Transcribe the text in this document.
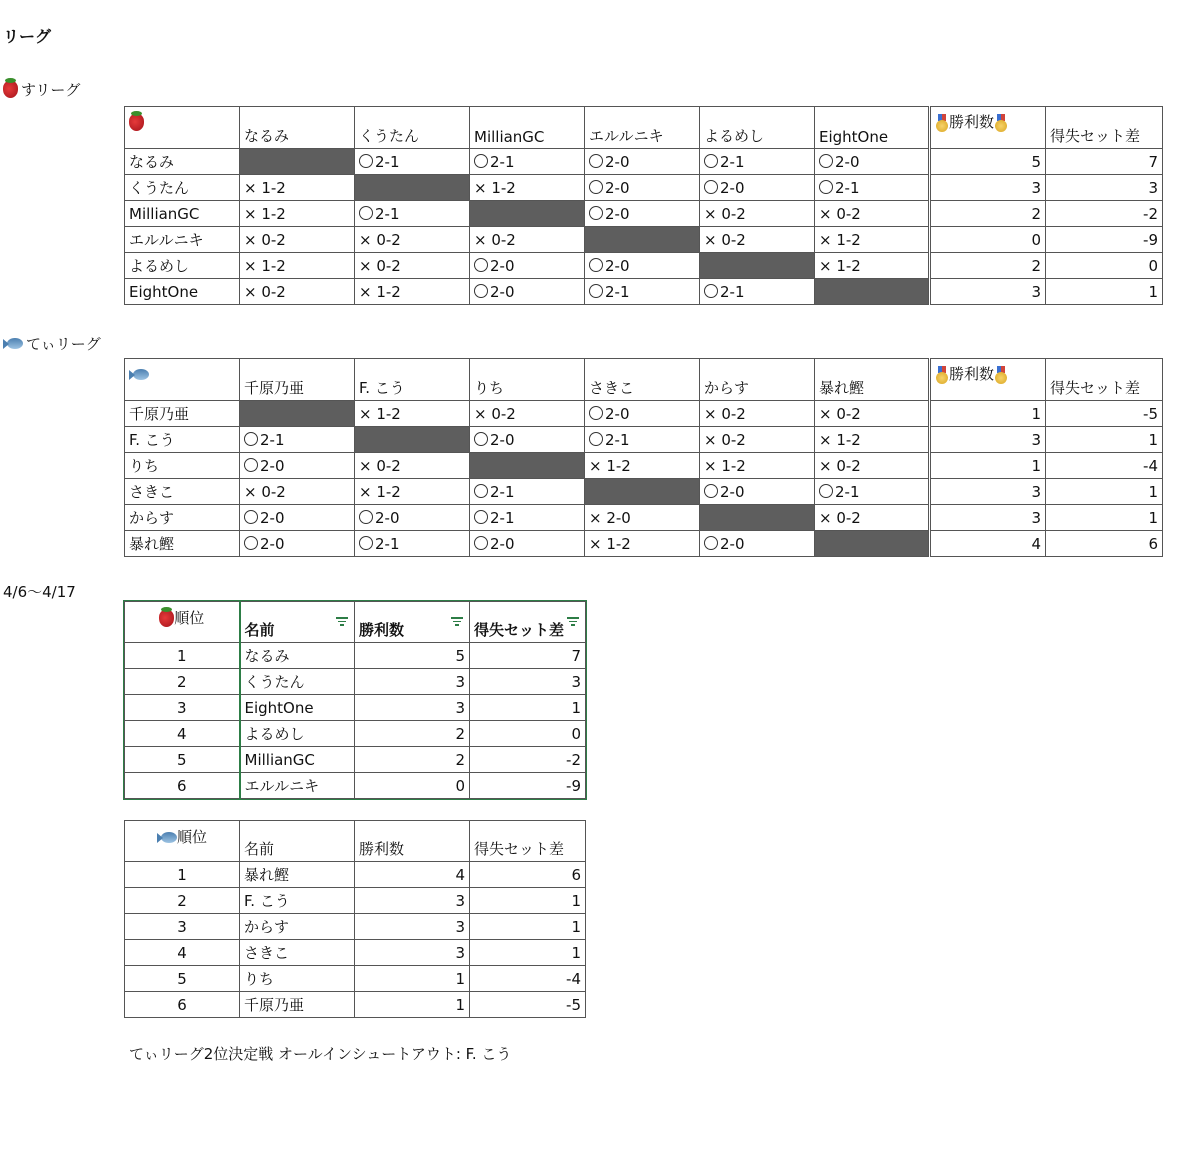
リーグ
すリーグ
	なるみ	くうたん	MillianGC	エルルニキ	よるめし	EightOne	勝利数	得失セット差
なるみ		2-1	2-1	2-0	2-1	2-0	5	7
くうたん	× 1-2		× 1-2	2-0	2-0	2-1	3	3
MillianGC	× 1-2	2-1		2-0	× 0-2	× 0-2	2	-2
エルルニキ	× 0-2	× 0-2	× 0-2		× 0-2	× 1-2	0	-9
よるめし	× 1-2	× 0-2	2-0	2-0		× 1-2	2	0
EightOne	× 0-2	× 1-2	2-0	2-1	2-1		3	1
てぃリーグ
	千原乃亜	F. こう	りち	さきこ	からす	暴れ鰹	勝利数	得失セット差
千原乃亜		× 1-2	× 0-2	2-0	× 0-2	× 0-2	1	-5
F. こう	2-1		2-0	2-1	× 0-2	× 1-2	3	1
りち	2-0	× 0-2		× 1-2	× 1-2	× 0-2	1	-4
さきこ	× 0-2	× 1-2	2-1		2-0	2-1	3	1
からす	2-0	2-0	2-1	× 2-0		× 0-2	3	1
暴れ鰹	2-0	2-1	2-0	× 1-2	2-0		4	6
4/6〜4/17
順位	名前	勝利数	得失セット差

1	なるみ	5	7
2	くうたん	3	3
3	EightOne	3	1
4	よるめし	2	0
5	MillianGC	2	-2
6	エルルニキ	0	-9
順位	名前	勝利数	得失セット差
1	暴れ鰹	4	6
2	F. こう	3	1
3	からす	3	1
4	さきこ	3	1
5	りち	1	-4
6	千原乃亜	1	-5
てぃリーグ2位決定戦 オールインシュートアウト: F. こう
